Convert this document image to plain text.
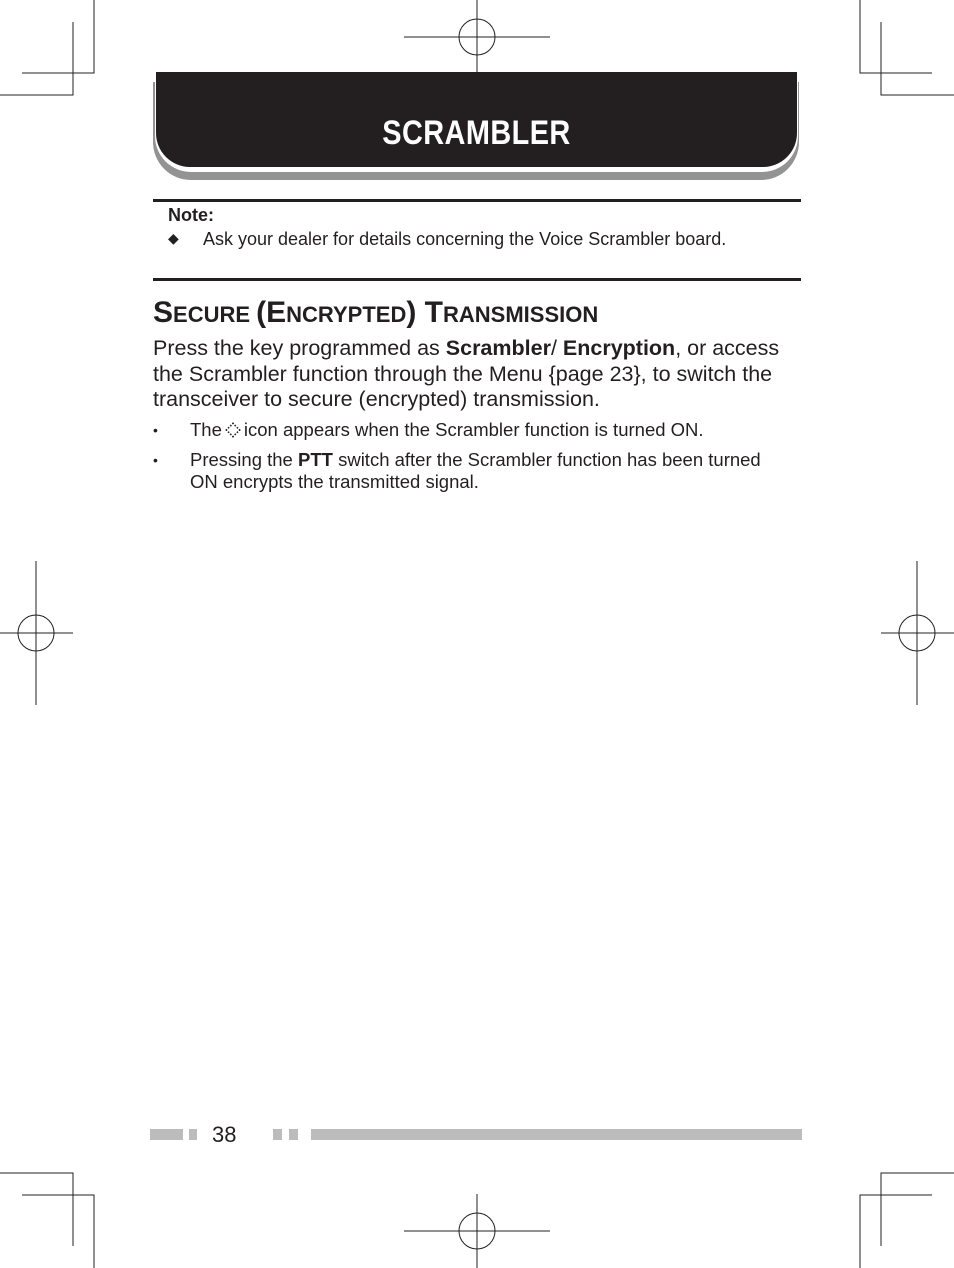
SCRAMBLER
Note:
◆ Ask your dealer for details concerning the Voice Scrambler board.
SECURE (ENCRYPTED) TRANSMISSION
Press the key programmed as Scrambler/ Encryption, or access the Scrambler function through the Menu {page 23}, to switch the transceiver to secure (encrypted) transmission.
• The icon appears when the Scrambler function is turned ON.
• Pressing the PTT switch after the Scrambler function has been turned ON encrypts the transmitted signal.
38
